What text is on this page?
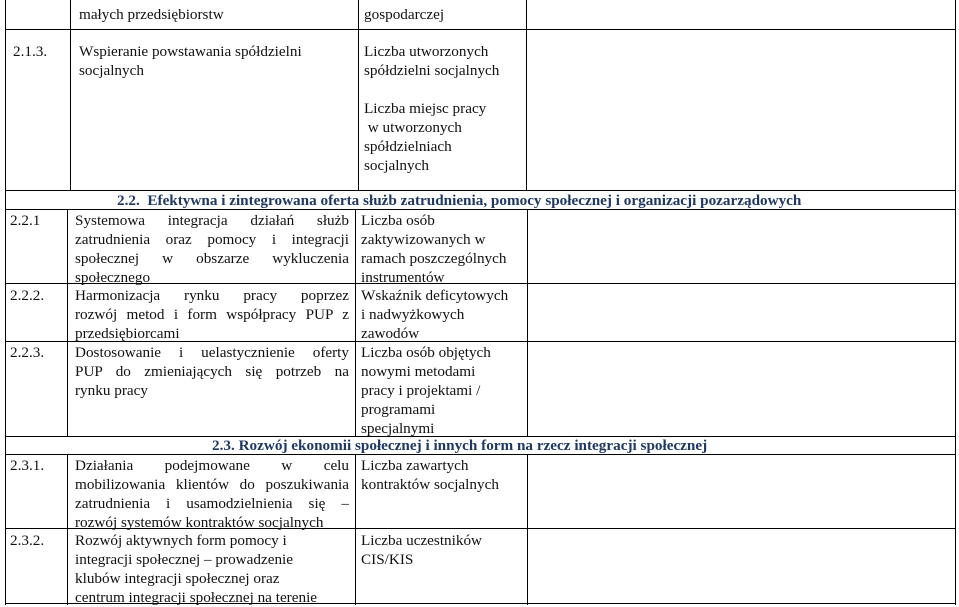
małych przedsiębiorstw	gospodarczej
2.1.3. Wspieranie powstawania spółdzielni
socjalnych
Liczba utworzonych
spółdzielni socjalnych

Liczba miejsc pracy
w utworzonych
spółdzielniach
socjalnych
2.2.  Efektywna i zintegrowana oferta służb zatrudnienia, pomocy społecznej i organizacji pozarządowych
2.2.1 Systemowa integracja działań służb
zatrudnienia oraz pomocy i integracji
społecznej w obszarze wykluczenia
społecznego
Liczba osób
zaktywizowanych w
ramach poszczególnych
instrumentów
2.2.2. Harmonizacja rynku pracy poprzez
rozwój metod i form współpracy PUP z
przedsiębiorcami
Wskaźnik deficytowych
i nadwyżkowych
zawodów
2.2.3. Dostosowanie i uelastycznienie oferty
PUP do zmieniających się potrzeb na
rynku pracy
Liczba osób objętych
nowymi metodami
pracy i projektami /
programami
specjalnymi
2.3. Rozwój ekonomii społecznej i innych form na rzecz integracji społecznej
2.3.1. Działania podejmowane w celu
mobilizowania klientów do poszukiwania
zatrudnienia i usamodzielnienia się –
rozwój systemów kontraktów socjalnych
Liczba zawartych
kontraktów socjalnych
2.3.2. Rozwój aktywnych form pomocy i
integracji społecznej – prowadzenie
klubów integracji społecznej oraz
centrum integracji społecznej na terenie
Liczba uczestników
CIS/KIS
